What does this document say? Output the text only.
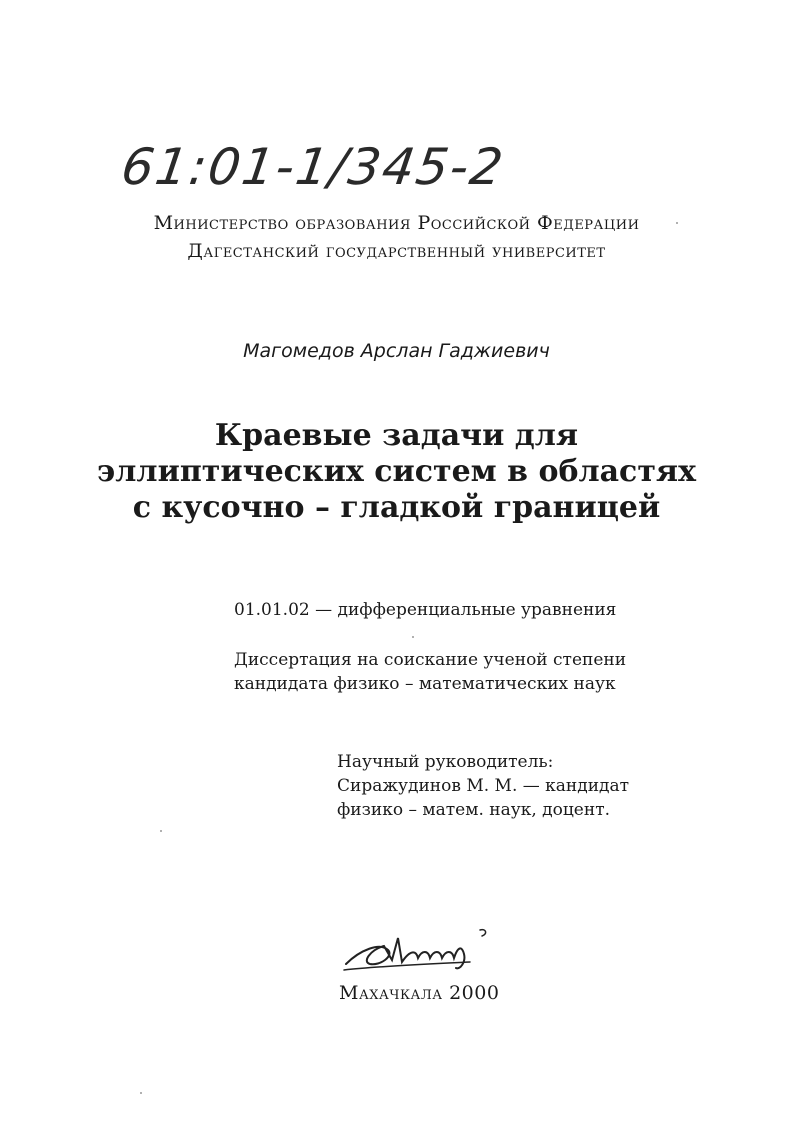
61:01-1/345-2
Министерство образования Российской Федерации
Дагестанский государственный университет
Магомедов Арслан Гаджиевич
Краевые задачи для
эллиптических систем в областях
с кусочно – гладкой границей
01.01.02 — дифференциальные уравнения
Диссертация на соискание ученой степени
кандидата физико – математических наук
Научный руководитель:
Сиражудинов М. М. — кандидат
физико – матем. наук, доцент.
Махачкала 2000
